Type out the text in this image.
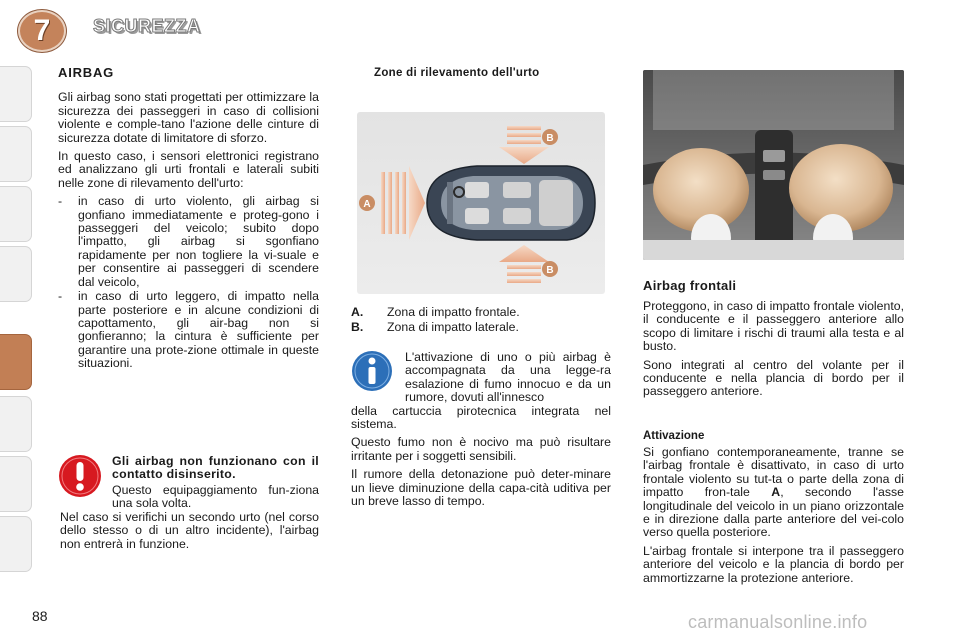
7 SICUREZZA
AIRBAG

Gli airbag sono stati progettati per ottimizzare la sicurezza dei passeggeri in caso di collisioni violente e comple-tano l'azione delle cinture di sicurezza dotate di limitatore di sforzo.

In questo caso, i sensori elettronici registrano ed analizzano gli urti frontali e laterali subiti nelle zone di rilevamento dell'urto:

- in caso di urto violento, gli airbag si gonfiano immediatamente e proteg-gono i passeggeri del veicolo; subito dopo l'impatto, gli airbag si sgonfiano rapidamente per non togliere la vi-suale e per consentire ai passeggeri di scendere dal veicolo,
- in caso di urto leggero, di impatto nella parte posteriore e in alcune condizioni di capottamento, gli air-bag non si gonfieranno; la cintura è sufficiente per garantire una prote-zione ottimale in queste situazioni.
Gli airbag non funzionano con il contatto disinserito.
Questo equipaggiamento fun-zionа una sola volta.
Nel caso si verifichi un secondo urto (nel corso dello stesso o di un altro incidente), l'airbag non entrerà in funzione.
Zone di rilevamento dell'urto
B
B
A
A.	Zona di impatto frontale.
B.	Zona di impatto laterale.
L'attivazione di uno o più airbag è accompagnata da una legge-ra esalazione di fumo innocuo e da un rumore, dovuti all'innesco

della cartuccia pirotecnica integrata nel sistema.

Questo fumo non è nocivo ma può risultare irritante per i soggetti sensibili.

Il rumore della detonazione può deter-minare un lieve diminuzione della capa-cità uditiva per un breve lasso di tempo.

Airbag frontali

Proteggono, in caso di impatto frontale violento, il conducente e il passeggero anteriore allo scopo di limitare i rischi di traumi alla testa e al busto.

Sono integrati al centro del volante per il conducente e nella plancia di bordo per il passeggero anteriore.

Attivazione

Si gonfiano contemporaneamente, tranne se l'airbag frontale è disattivato, in caso di urto frontale violento su tut-ta o parte della zona di impatto fron-tale A, secondo l'asse longitudinale del veicolo in un piano orizzontale e in direzione dalla parte anteriore del vei-colo verso quella posteriore.

L'airbag frontale si interpone tra il passeggero anteriore del veicolo e la plancia di bordo per ammortizzarne la protezione anteriore.

88	carmanualsonline.info
